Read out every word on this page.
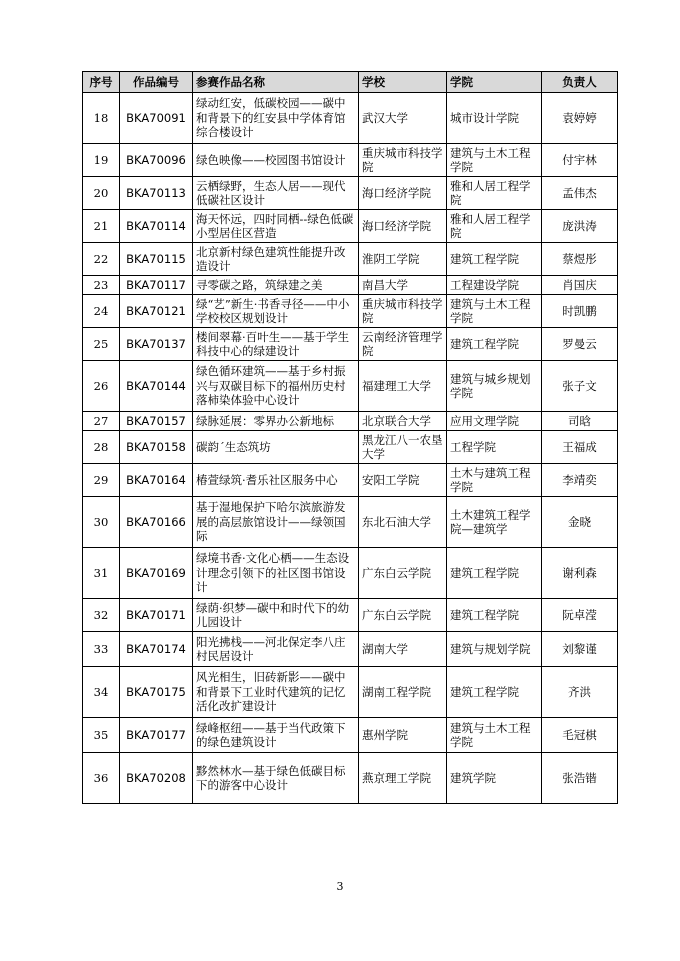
序号	作品编号	参赛作品名称	学校	学院	负责人
18	BKA70091	绿动红安，低碳校园——碳中和背景下的红安县中学体育馆综合楼设计	武汉大学	城市设计学院	袁婷婷
19	BKA70096	绿色映像——校园图书馆设计	重庆城市科技学院	建筑与土木工程学院	付宇林
20	BKA70113	云栖绿野，生态人居——现代低碳社区设计	海口经济学院	雅和人居工程学院	孟伟杰
21	BKA70114	海天怀远，四时同栖--绿色低碳小型居住区营造	海口经济学院	雅和人居工程学院	庞洪涛
22	BKA70115	北京新村绿色建筑性能提升改造设计	淮阴工学院	建筑工程学院	蔡煜彤
23	BKA70117	寻零碳之路，筑绿建之美	南昌大学	工程建设学院	肖国庆
24	BKA70121	绿“艺”新生·书香寻径——中小学校校区规划设计	重庆城市科技学院	建筑与土木工程学院	时凯鹏
25	BKA70137	楼间翠幕·百叶生——基于学生科技中心的绿建设计	云南经济管理学院	建筑工程学院	罗曼云
26	BKA70144	绿色循环建筑——基于乡村振兴与双碳目标下的福州历史村落柿染体验中心设计	福建理工大学	建筑与城乡规划学院	张子文
27	BKA70157	绿脉延展：零界办公新地标	北京联合大学	应用文理学院	司晗
28	BKA70158	碳韵ˊ生态筑坊	黑龙江八一农垦大学	工程学院	王福成
29	BKA70164	椿萱绿筑·耆乐社区服务中心	安阳工学院	土木与建筑工程学院	李靖奕
30	BKA70166	基于湿地保护下哈尔滨旅游发展的高层旅馆设计——绿领国际	东北石油大学	土木建筑工程学院—建筑学	金晓
31	BKA70169	绿境书香·文化心栖——生态设计理念引领下的社区图书馆设计	广东白云学院	建筑工程学院	谢利森
32	BKA70171	绿荫·织梦—碳中和时代下的幼儿园设计	广东白云学院	建筑工程学院	阮卓滢
33	BKA70174	阳光拂栈——河北保定李八庄村民居设计	湖南大学	建筑与规划学院	刘黎谨
34	BKA70175	风光相生，旧砖新影——碳中和背景下工业时代建筑的记忆活化改扩建设计	湖南工程学院	建筑工程学院	齐洪
35	BKA70177	绿峰枢纽——基于当代政策下的绿色建筑设计	惠州学院	建筑与土木工程学院	毛冠棋
36	BKA70208	黟然林水—基于绿色低碳目标下的游客中心设计	燕京理工学院	建筑学院	张浩锴
3
